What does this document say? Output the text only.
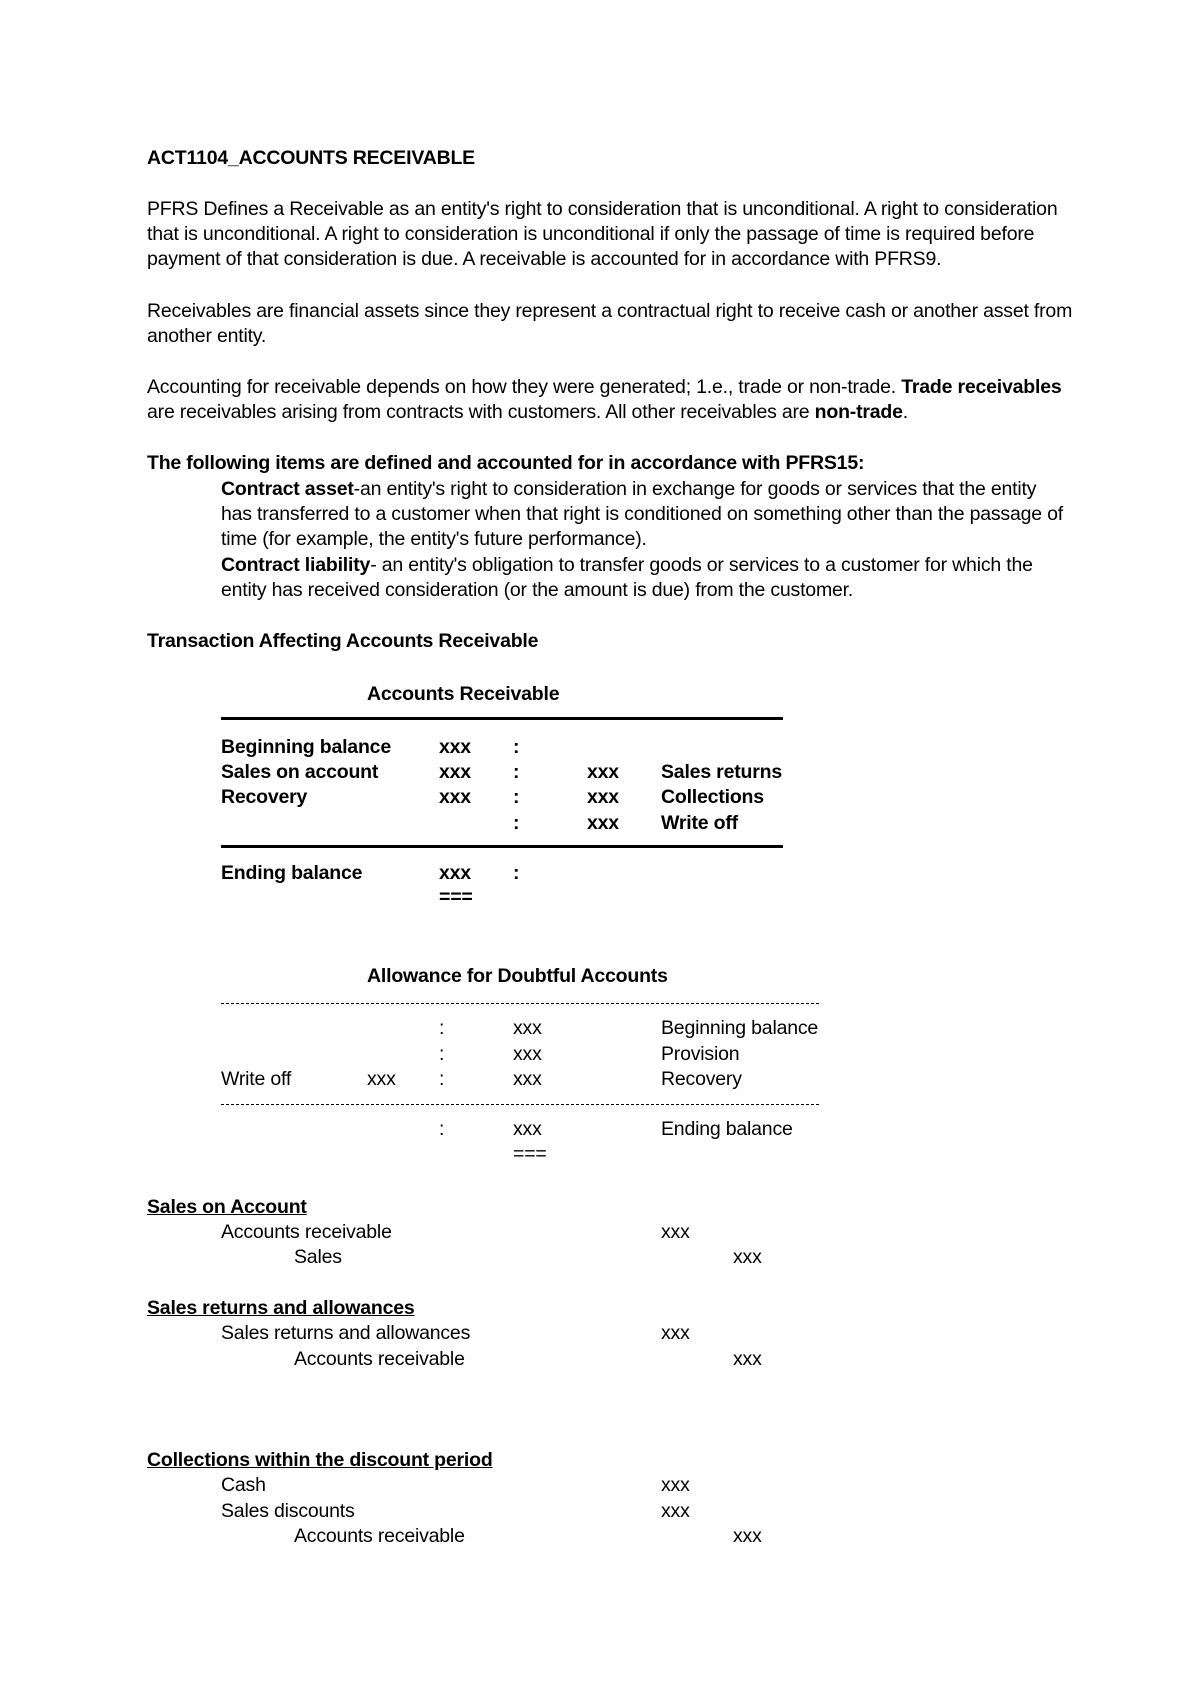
ACT1104_ACCOUNTS RECEIVABLE

PFRS Defines a Receivable as an entity's right to consideration that is unconditional. A right to consideration that is unconditional. A right to consideration is unconditional if only the passage of time is required before payment of that consideration is due. A receivable is accounted for in accordance with PFRS9.

Receivables are financial assets since they represent a contractual right to receive cash or another asset from another entity.

Accounting for receivable depends on how they were generated; 1.e., trade or non-trade. Trade receivables are receivables arising from contracts with customers. All other receivables are non-trade.

The following items are defined and accounted for in accordance with PFRS15:

Contract asset-an entity's right to consideration in exchange for goods or services that the entity has transferred to a customer when that right is conditioned on something other than the passage of time (for example, the entity's future performance).

Contract liability- an entity's obligation to transfer goods or services to a customer for which the entity has received consideration (or the amount is due) from the customer.

Transaction Affecting Accounts Receivable
Accounts Receivable
Beginning balance xxx :
Sales on account	xxx :	xxx Sales returns
Recovery	xxx :	xxx Collections
:	xxx Write off
Ending balance	xxx :
===
Allowance for Doubtful Accounts
:	xxx	Beginning balance
:	xxx	Provision
Write off	xxx :	xxx	Recovery
:	xxx	Ending balance
===
Sales on Account
Accounts receivable	xxx
Sales	xxx
Sales returns and allowances
Sales returns and allowances	xxx
Accounts receivable	xxx
Collections within the discount period
Cash	xxx
Sales discounts	xxx
Accounts receivable	xxx
